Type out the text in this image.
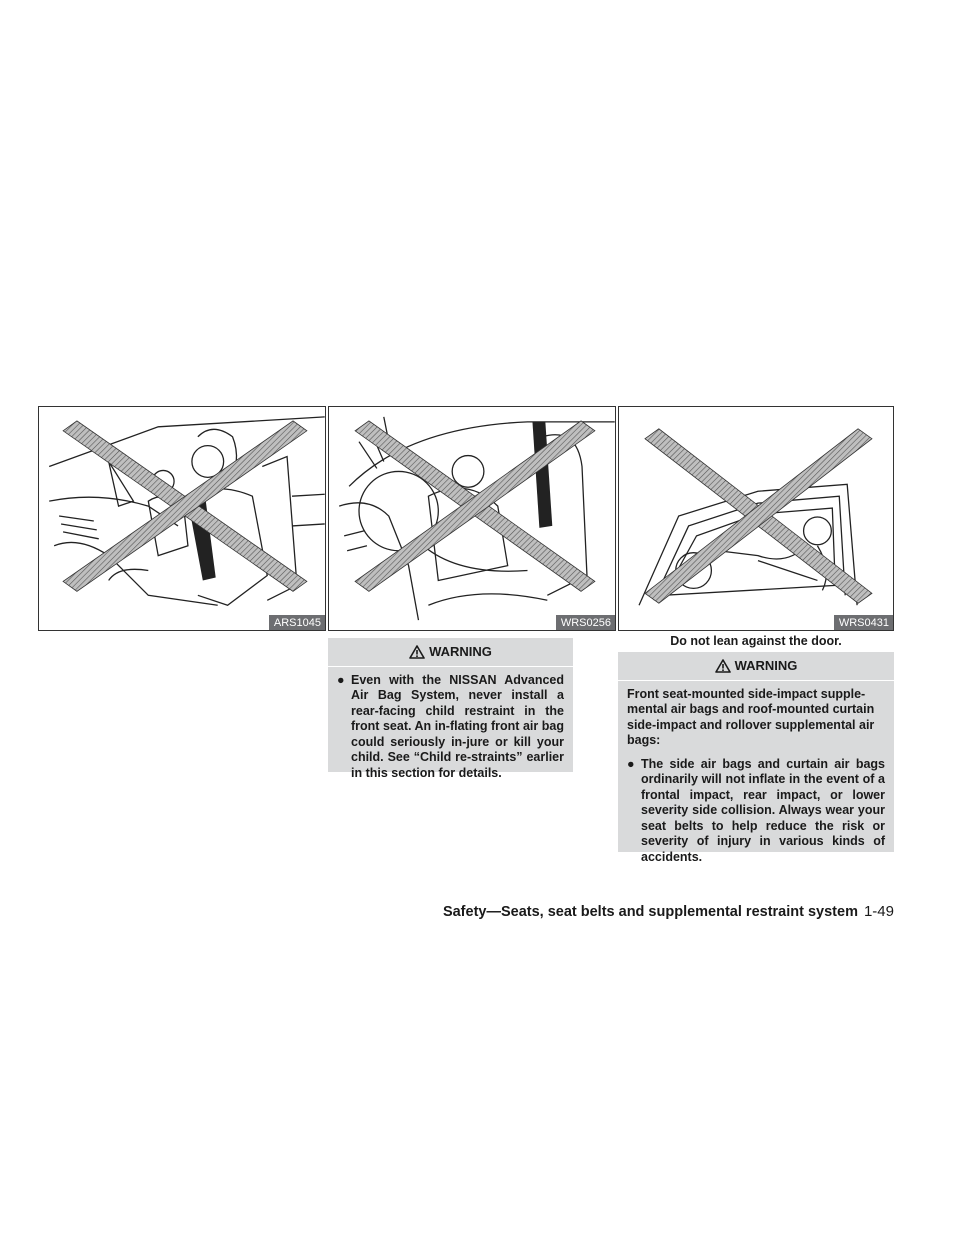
ARS1045	WRS0256	WRS0431
Do not lean against the door.
WARNING
● Even with the NISSAN Advanced Air Bag System, never install a rear-facing child restraint in the front seat. An in-flating front air bag could seriously in-jure or kill your child. See “Child re-straints” earlier in this section for details.
WARNING
Front seat-mounted side-impact supple-mental air bags and roof-mounted curtain side-impact and rollover supplemental air bags:
● The side air bags and curtain air bags ordinarily will not inflate in the event of a frontal impact, rear impact, or lower severity side collision. Always wear your seat belts to help reduce the risk or severity of injury in various kinds of accidents.
Safety—Seats, seat belts and supplemental restraint system 1-49
